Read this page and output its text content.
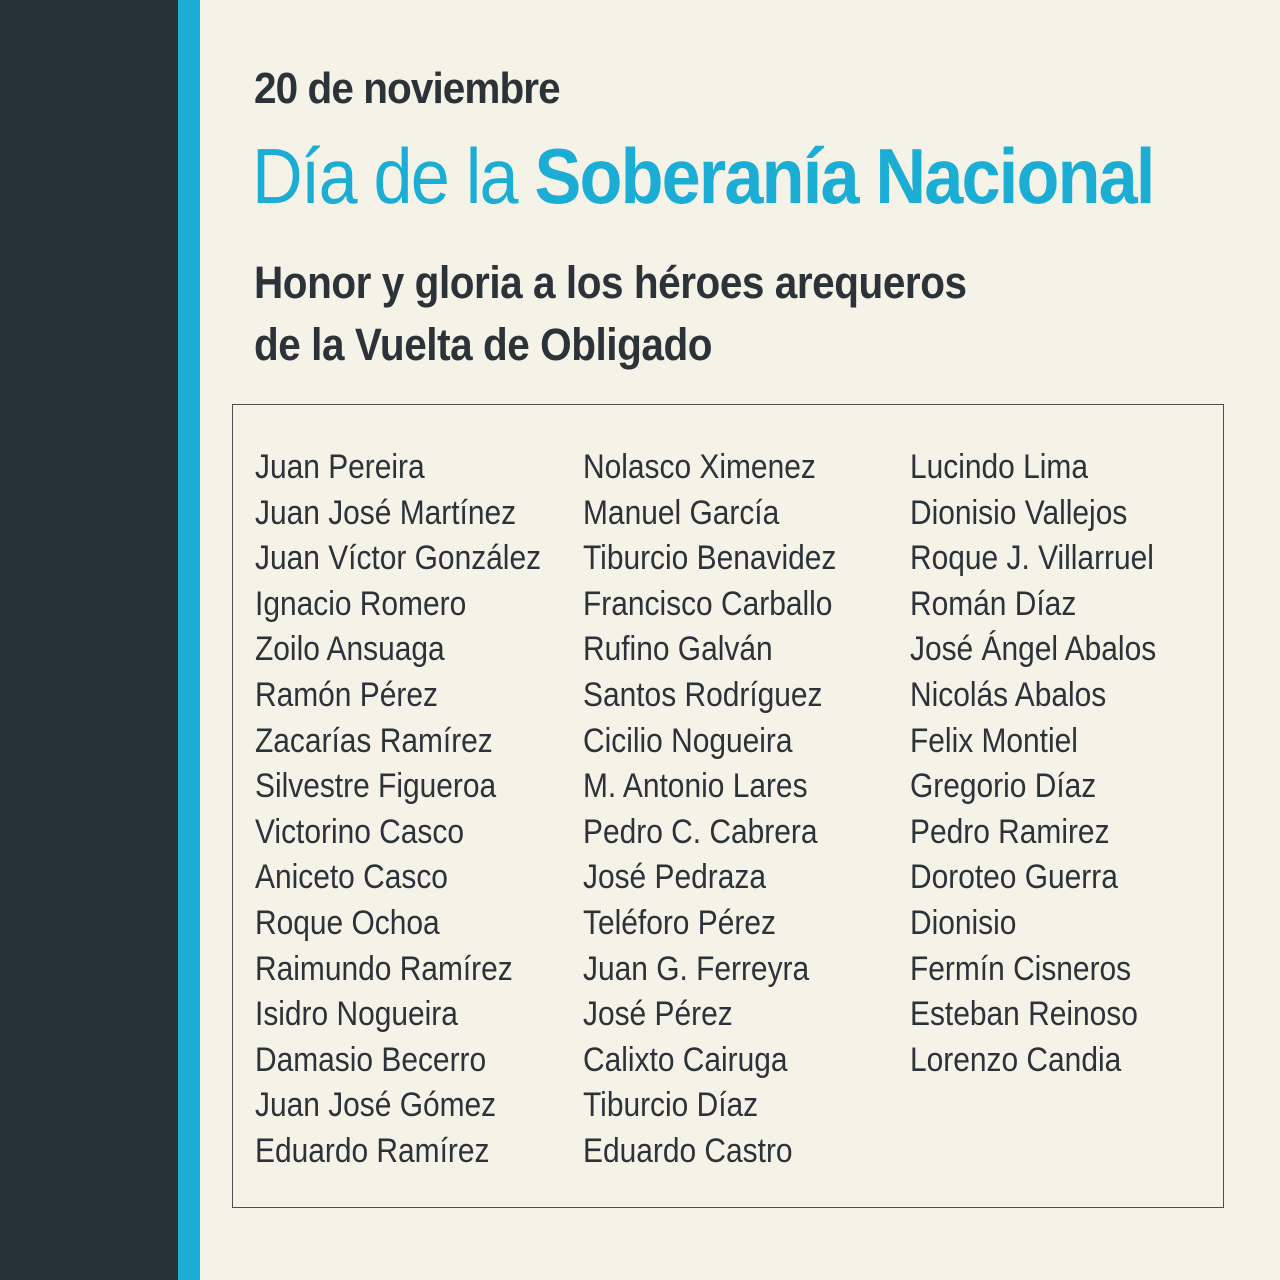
20 de noviembre
Día de la Soberanía Nacional
Honor y gloria a los héroes arequeros
de la Vuelta de Obligado
Juan Pereira
Juan José Martínez
Juan Víctor González
Ignacio Romero
Zoilo Ansuaga
Ramón Pérez
Zacarías Ramírez
Silvestre Figueroa
Victorino Casco
Aniceto Casco
Roque Ochoa
Raimundo Ramírez
Isidro Nogueira
Damasio Becerro
Juan José Gómez
Eduardo Ramírez
Nolasco Ximenez
Manuel García
Tiburcio Benavidez
Francisco Carballo
Rufino Galván
Santos Rodríguez
Cicilio Nogueira
M. Antonio Lares
Pedro C. Cabrera
José Pedraza
Teléforo Pérez
Juan G. Ferreyra
José Pérez
Calixto Cairuga
Tiburcio Díaz
Eduardo Castro
Lucindo Lima
Dionisio Vallejos
Roque J. Villarruel
Román Díaz
José Ángel Abalos
Nicolás Abalos
Felix Montiel
Gregorio Díaz
Pedro Ramirez
Doroteo Guerra
Dionisio
Fermín Cisneros
Esteban Reinoso
Lorenzo Candia
